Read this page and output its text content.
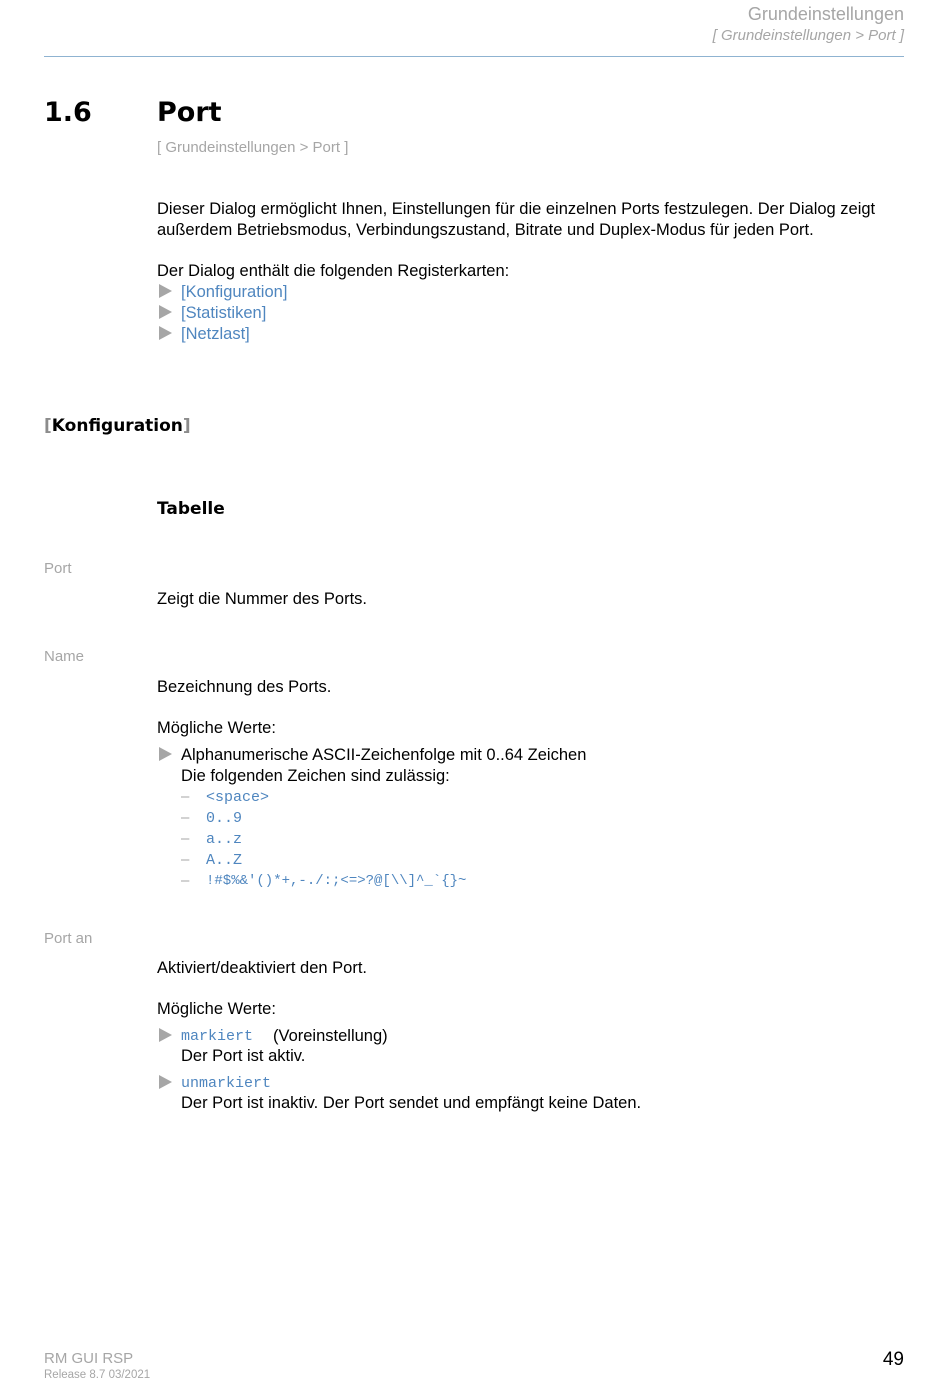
Grundeinstellungen
[ Grundeinstellungen > Port ]
1.6 Port
[ Grundeinstellungen > Port ]
Dieser Dialog ermöglicht Ihnen, Einstellungen für die einzelnen Ports festzulegen. Der Dialog zeigt
außerdem Betriebsmodus, Verbindungszustand, Bitrate und Duplex-Modus für jeden Port.
Der Dialog enthält die folgenden Registerkarten:
[Konfiguration]
[Statistiken]
[Netzlast]
[Konfiguration]
Tabelle
Port
Zeigt die Nummer des Ports.
Name
Bezeichnung des Ports.
Mögliche Werte:
Alphanumerische ASCII-Zeichenfolge mit 0..64 Zeichen
Die folgenden Zeichen sind zulässig:
– <space>
– 0..9
– a..z
– A..Z
– !#$%&'()*+,-./:;<=>?@[\\]^_`{}~
Port an
Aktiviert/deaktiviert den Port.
Mögliche Werte:
markiert (Voreinstellung)
Der Port ist aktiv.
unmarkiert
Der Port ist inaktiv. Der Port sendet und empfängt keine Daten.
RM GUI RSP
Release 8.7 03/2021
49
